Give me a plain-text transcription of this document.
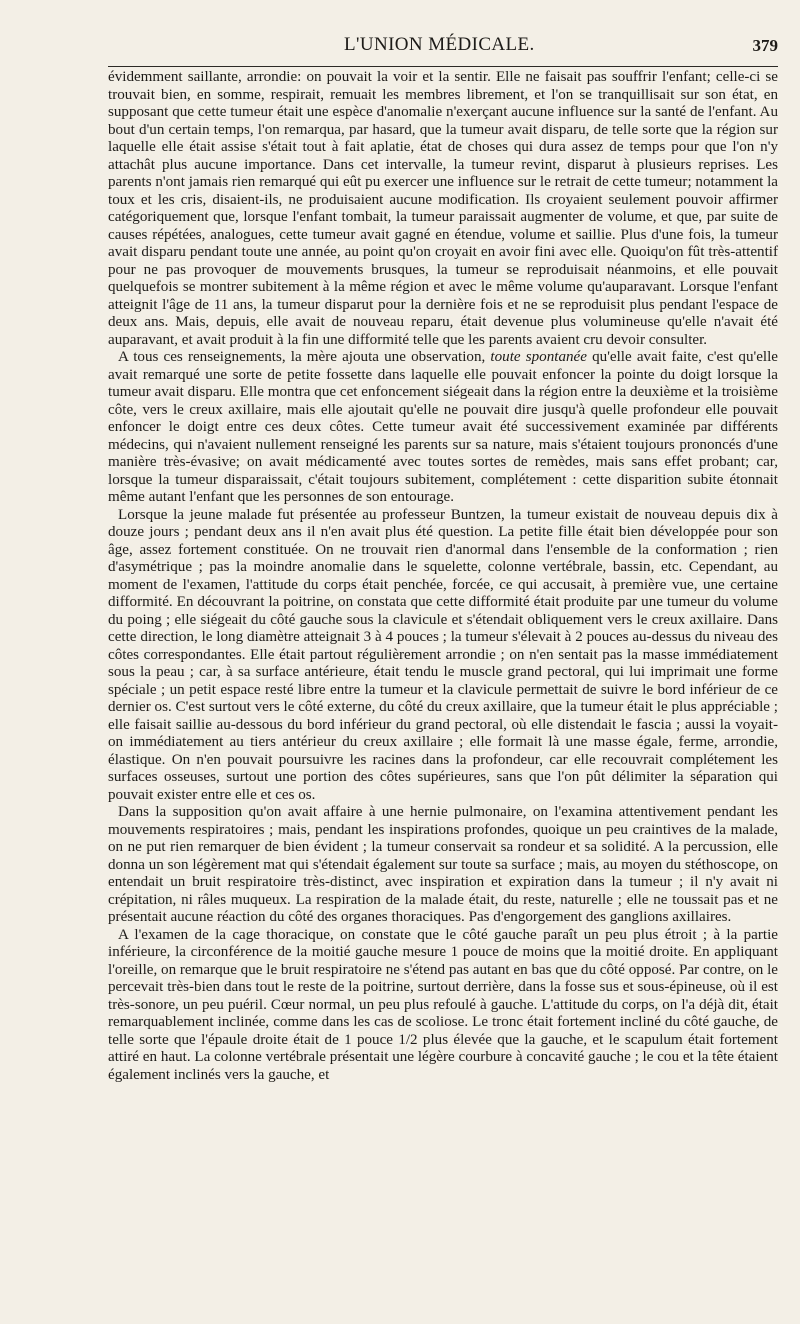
L'UNION MÉDICALE.	379

évidemment saillante, arrondie: on pouvait la voir et la sentir. Elle ne faisait pas souffrir l'enfant; celle-ci se trouvait bien, en somme, respirait, remuait les membres librement, et l'on se tranquillisait sur son état, en supposant que cette tumeur était une espèce d'anomalie n'exerçant aucune influence sur la santé de l'enfant. Au bout d'un certain temps, l'on remarqua, par hasard, que la tumeur avait disparu, de telle sorte que la région sur laquelle elle était assise s'était tout à fait aplatie, état de choses qui dura assez de temps pour que l'on n'y attachât plus aucune importance. Dans cet intervalle, la tumeur revint, disparut à plusieurs reprises. Les parents n'ont jamais rien remarqué qui eût pu exercer une influence sur le retrait de cette tumeur; notamment la toux et les cris, disaient-ils, ne produisaient aucune modification. Ils croyaient seulement pouvoir affirmer catégoriquement que, lorsque l'enfant tombait, la tumeur paraissait augmenter de volume, et que, par suite de causes répétées, analogues, cette tumeur avait gagné en étendue, volume et saillie. Plus d'une fois, la tumeur avait disparu pendant toute une année, au point qu'on croyait en avoir fini avec elle. Quoiqu'on fût très-attentif pour ne pas provoquer de mouvements brusques, la tumeur se reproduisait néanmoins, et elle pouvait quelquefois se montrer subitement à la même région et avec le même volume qu'auparavant. Lorsque l'enfant atteignit l'âge de 11 ans, la tumeur disparut pour la dernière fois et ne se reproduisit plus pendant l'espace de deux ans. Mais, depuis, elle avait de nouveau reparu, était devenue plus volumineuse qu'elle n'avait été auparavant, et avait produit à la fin une difformité telle que les parents avaient cru devoir consulter.

A tous ces renseignements, la mère ajouta une observation, toute spontanée qu'elle avait faite, c'est qu'elle avait remarqué une sorte de petite fossette dans laquelle elle pouvait enfoncer la pointe du doigt lorsque la tumeur avait disparu. Elle montra que cet enfoncement siégeait dans la région entre la deuxième et la troisième côte, vers le creux axillaire, mais elle ajoutait qu'elle ne pouvait dire jusqu'à quelle profondeur elle pouvait enfoncer le doigt entre ces deux côtes. Cette tumeur avait été successivement examinée par différents médecins, qui n'avaient nullement renseigné les parents sur sa nature, mais s'étaient toujours prononcés d'une manière très-évasive; on avait médicamenté avec toutes sortes de remèdes, mais sans effet probant; car, lorsque la tumeur disparaissait, c'était toujours subitement, complétement : cette disparition subite étonnait même autant l'enfant que les personnes de son entourage.

Lorsque la jeune malade fut présentée au professeur Buntzen, la tumeur existait de nouveau depuis dix à douze jours ; pendant deux ans il n'en avait plus été question. La petite fille était bien développée pour son âge, assez fortement constituée. On ne trouvait rien d'anormal dans l'ensemble de la conformation ; rien d'asymétrique ; pas la moindre anomalie dans le squelette, colonne vertébrale, bassin, etc. Cependant, au moment de l'examen, l'attitude du corps était penchée, forcée, ce qui accusait, à première vue, une certaine difformité. En découvrant la poitrine, on constata que cette difformité était produite par une tumeur du volume du poing ; elle siégeait du côté gauche sous la clavicule et s'étendait obliquement vers le creux axillaire. Dans cette direction, le long diamètre atteignait 3 à 4 pouces ; la tumeur s'élevait à 2 pouces au-dessus du niveau des côtes correspondantes. Elle était partout régulièrement arrondie ; on n'en sentait pas la masse immédiatement sous la peau ; car, à sa surface antérieure, était tendu le muscle grand pectoral, qui lui imprimait une forme spéciale ; un petit espace resté libre entre la tumeur et la clavicule permettait de suivre le bord inférieur de ce dernier os. C'est surtout vers le côté externe, du côté du creux axillaire, que la tumeur était le plus appréciable ; elle faisait saillie au-dessous du bord inférieur du grand pectoral, où elle distendait le fascia ; aussi la voyait-on immédiatement au tiers antérieur du creux axillaire ; elle formait là une masse égale, ferme, arrondie, élastique. On n'en pouvait poursuivre les racines dans la profondeur, car elle recouvrait complétement les surfaces osseuses, surtout une portion des côtes supérieures, sans que l'on pût délimiter la séparation qui pouvait exister entre elle et ces os.

Dans la supposition qu'on avait affaire à une hernie pulmonaire, on l'examina attentivement pendant les mouvements respiratoires ; mais, pendant les inspirations profondes, quoique un peu craintives de la malade, on ne put rien remarquer de bien évident ; la tumeur conservait sa rondeur et sa solidité. A la percussion, elle donna un son légèrement mat qui s'étendait également sur toute sa surface ; mais, au moyen du stéthoscope, on entendait un bruit respiratoire très-distinct, avec inspiration et expiration dans la tumeur ; il n'y avait ni crépitation, ni râles muqueux. La respiration de la malade était, du reste, naturelle ; elle ne toussait pas et ne présentait aucune réaction du côté des organes thoraciques. Pas d'engorgement des ganglions axillaires.

A l'examen de la cage thoracique, on constate que le côté gauche paraît un peu plus étroit ; à la partie inférieure, la circonférence de la moitié gauche mesure 1 pouce de moins que la moitié droite. En appliquant l'oreille, on remarque que le bruit respiratoire ne s'étend pas autant en bas que du côté opposé. Par contre, on le percevait très-bien dans tout le reste de la poitrine, surtout derrière, dans la fosse sus et sous-épineuse, où il est très-sonore, un peu puéril. Cœur normal, un peu plus refoulé à gauche. L'attitude du corps, on l'a déjà dit, était remarquablement inclinée, comme dans les cas de scoliose. Le tronc était fortement incliné du côté gauche, de telle sorte que l'épaule droite était de 1 pouce 1/2 plus élevée que la gauche, et le scapulum était fortement attiré en haut. La colonne vertébrale présentait une légère courbure à concavité gauche ; le cou et la tête étaient également inclinés vers la gauche, et
